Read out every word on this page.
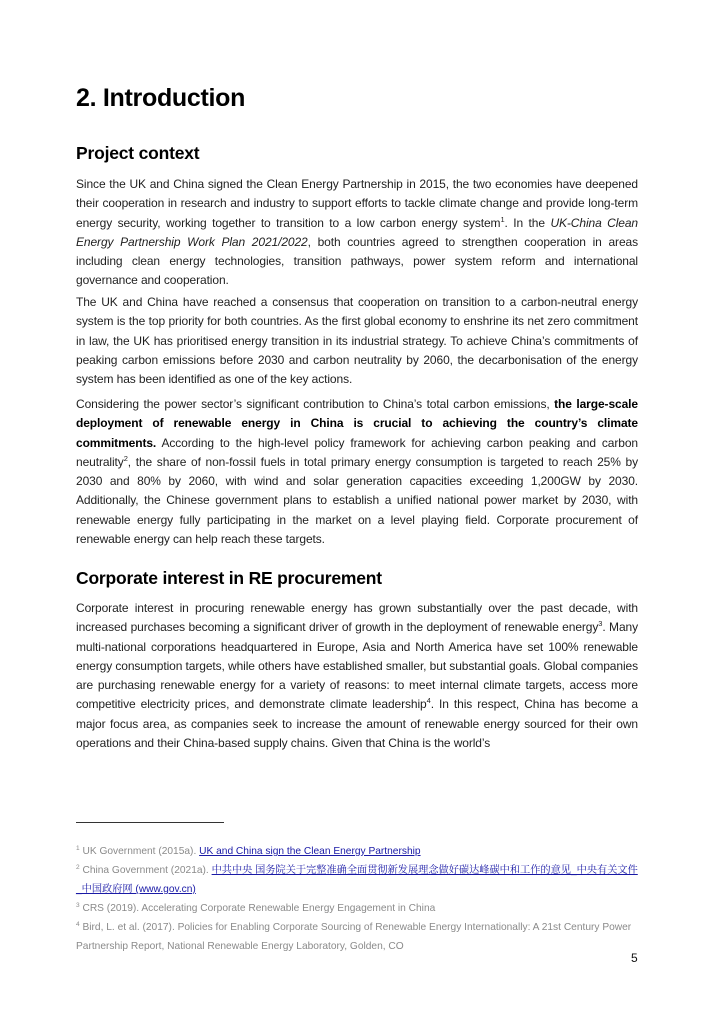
2. Introduction
Project context

Since the UK and China signed the Clean Energy Partnership in 2015, the two economies have deepened their cooperation in research and industry to support efforts to tackle climate change and provide long-term energy security, working together to transition to a low carbon energy system$^1$. In the UK-China Clean Energy Partnership Work Plan 2021/2022, both countries agreed to strengthen cooperation in areas including clean energy technologies, transition pathways, power system reform and international governance and cooperation.

The UK and China have reached a consensus that cooperation on transition to a carbon-neutral energy system is the top priority for both countries. As the first global economy to enshrine its net zero commitment in law, the UK has prioritised energy transition in its industrial strategy. To achieve China’s commitments of peaking carbon emissions before 2030 and carbon neutrality by 2060, the decarbonisation of the energy system has been identified as one of the key actions.

Considering the power sector’s significant contribution to China’s total carbon emissions, the large-scale deployment of renewable energy in China is crucial to achieving the country’s climate commitments. According to the high-level policy framework for achieving carbon peaking and carbon neutrality$^2$, the share of non-fossil fuels in total primary energy consumption is targeted to reach 25% by 2030 and 80% by 2060, with wind and solar generation capacities exceeding 1,200GW by 2030. Additionally, the Chinese government plans to establish a unified national power market by 2030, with renewable energy fully participating in the market on a level playing field. Corporate procurement of renewable energy can help reach these targets.

Corporate interest in RE procurement

Corporate interest in procuring renewable energy has grown substantially over the past decade, with increased purchases becoming a significant driver of growth in the deployment of renewable energy$^3$. Many multi-national corporations headquartered in Europe, Asia and North America have set 100% renewable energy consumption targets, while others have established smaller, but substantial goals. Global companies are purchasing renewable energy for a variety of reasons: to meet internal climate targets, access more competitive electricity prices, and demonstrate climate leadership$^4$. In this respect, China has become a major focus area, as companies seek to increase the amount of renewable energy sourced for their own operations and their China-based supply chains. Given that China is the world’s

$^1$ UK Government (2015a). UK and China sign the Clean Energy Partnership
$^2$ China Government (2021a). 中共中央 国务院关于完整准确全面贯彻新发展理念做好碳达峰碳中和工作的意见_中央有关文件_中国政府网 (www.gov.cn)
$^3$ CRS (2019). Accelerating Corporate Renewable Energy Engagement in China
$^4$ Bird, L. et al. (2017). Policies for Enabling Corporate Sourcing of Renewable Energy Internationally: A 21st Century Power Partnership Report, National Renewable Energy Laboratory, Golden, CO
5
